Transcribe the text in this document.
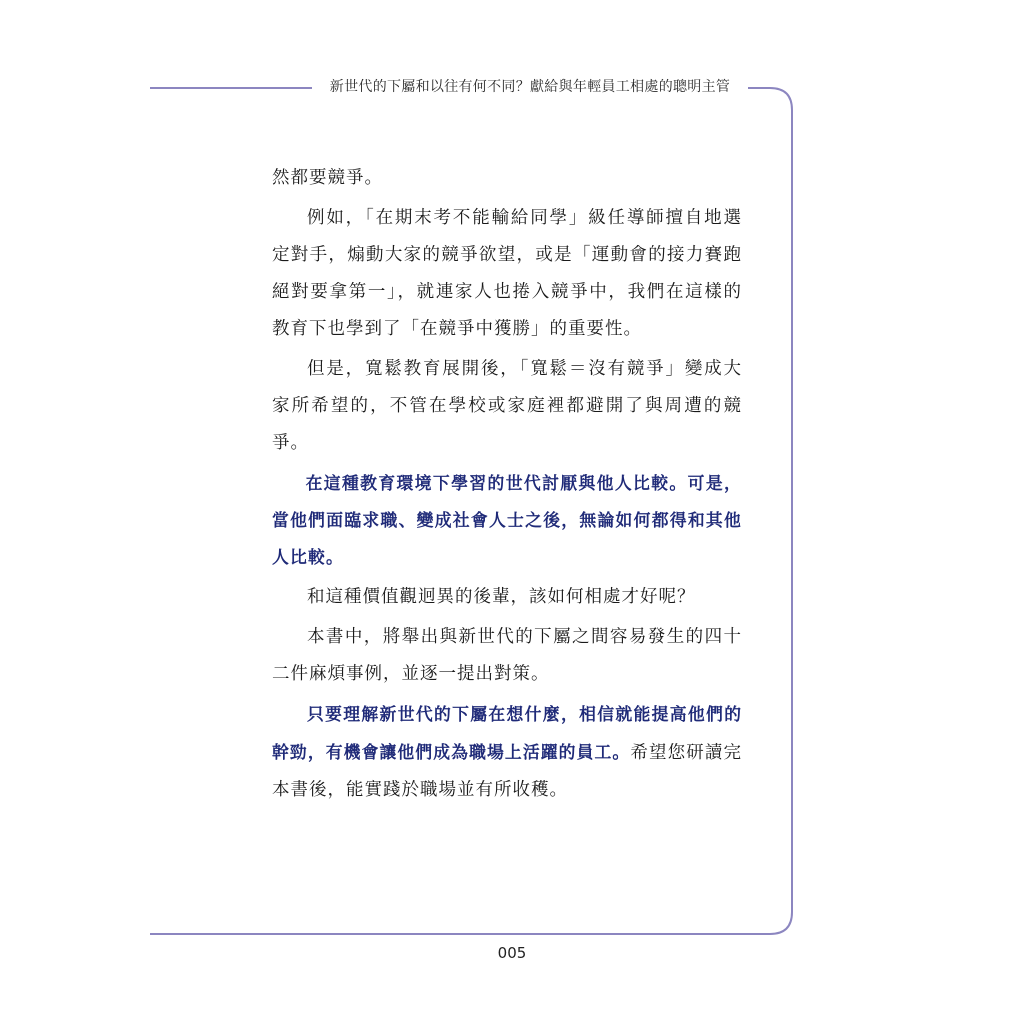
新世代的下屬和以往有何不同？獻給與年輕員工相處的聰明主管

然都要競爭。

例如，「在期末考不能輸給同學」級任導師擅自地選定對手，煽動大家的競爭欲望，或是「運動會的接力賽跑絕對要拿第一」，就連家人也捲入競爭中，我們在這樣的教育下也學到了「在競爭中獲勝」的重要性。

但是，寬鬆教育展開後，「寬鬆＝沒有競爭」變成大家所希望的，不管在學校或家庭裡都避開了與周遭的競爭。

在這種教育環境下學習的世代討厭與他人比較。可是，當他們面臨求職、變成社會人士之後，無論如何都得和其他人比較。

和這種價值觀迥異的後輩，該如何相處才好呢？

本書中，將舉出與新世代的下屬之間容易發生的四十二件麻煩事例，並逐一提出對策。

只要理解新世代的下屬在想什麼，相信就能提高他們的幹勁，有機會讓他們成為職場上活躍的員工。希望您研讀完本書後，能實踐於職場並有所收穫。

005
